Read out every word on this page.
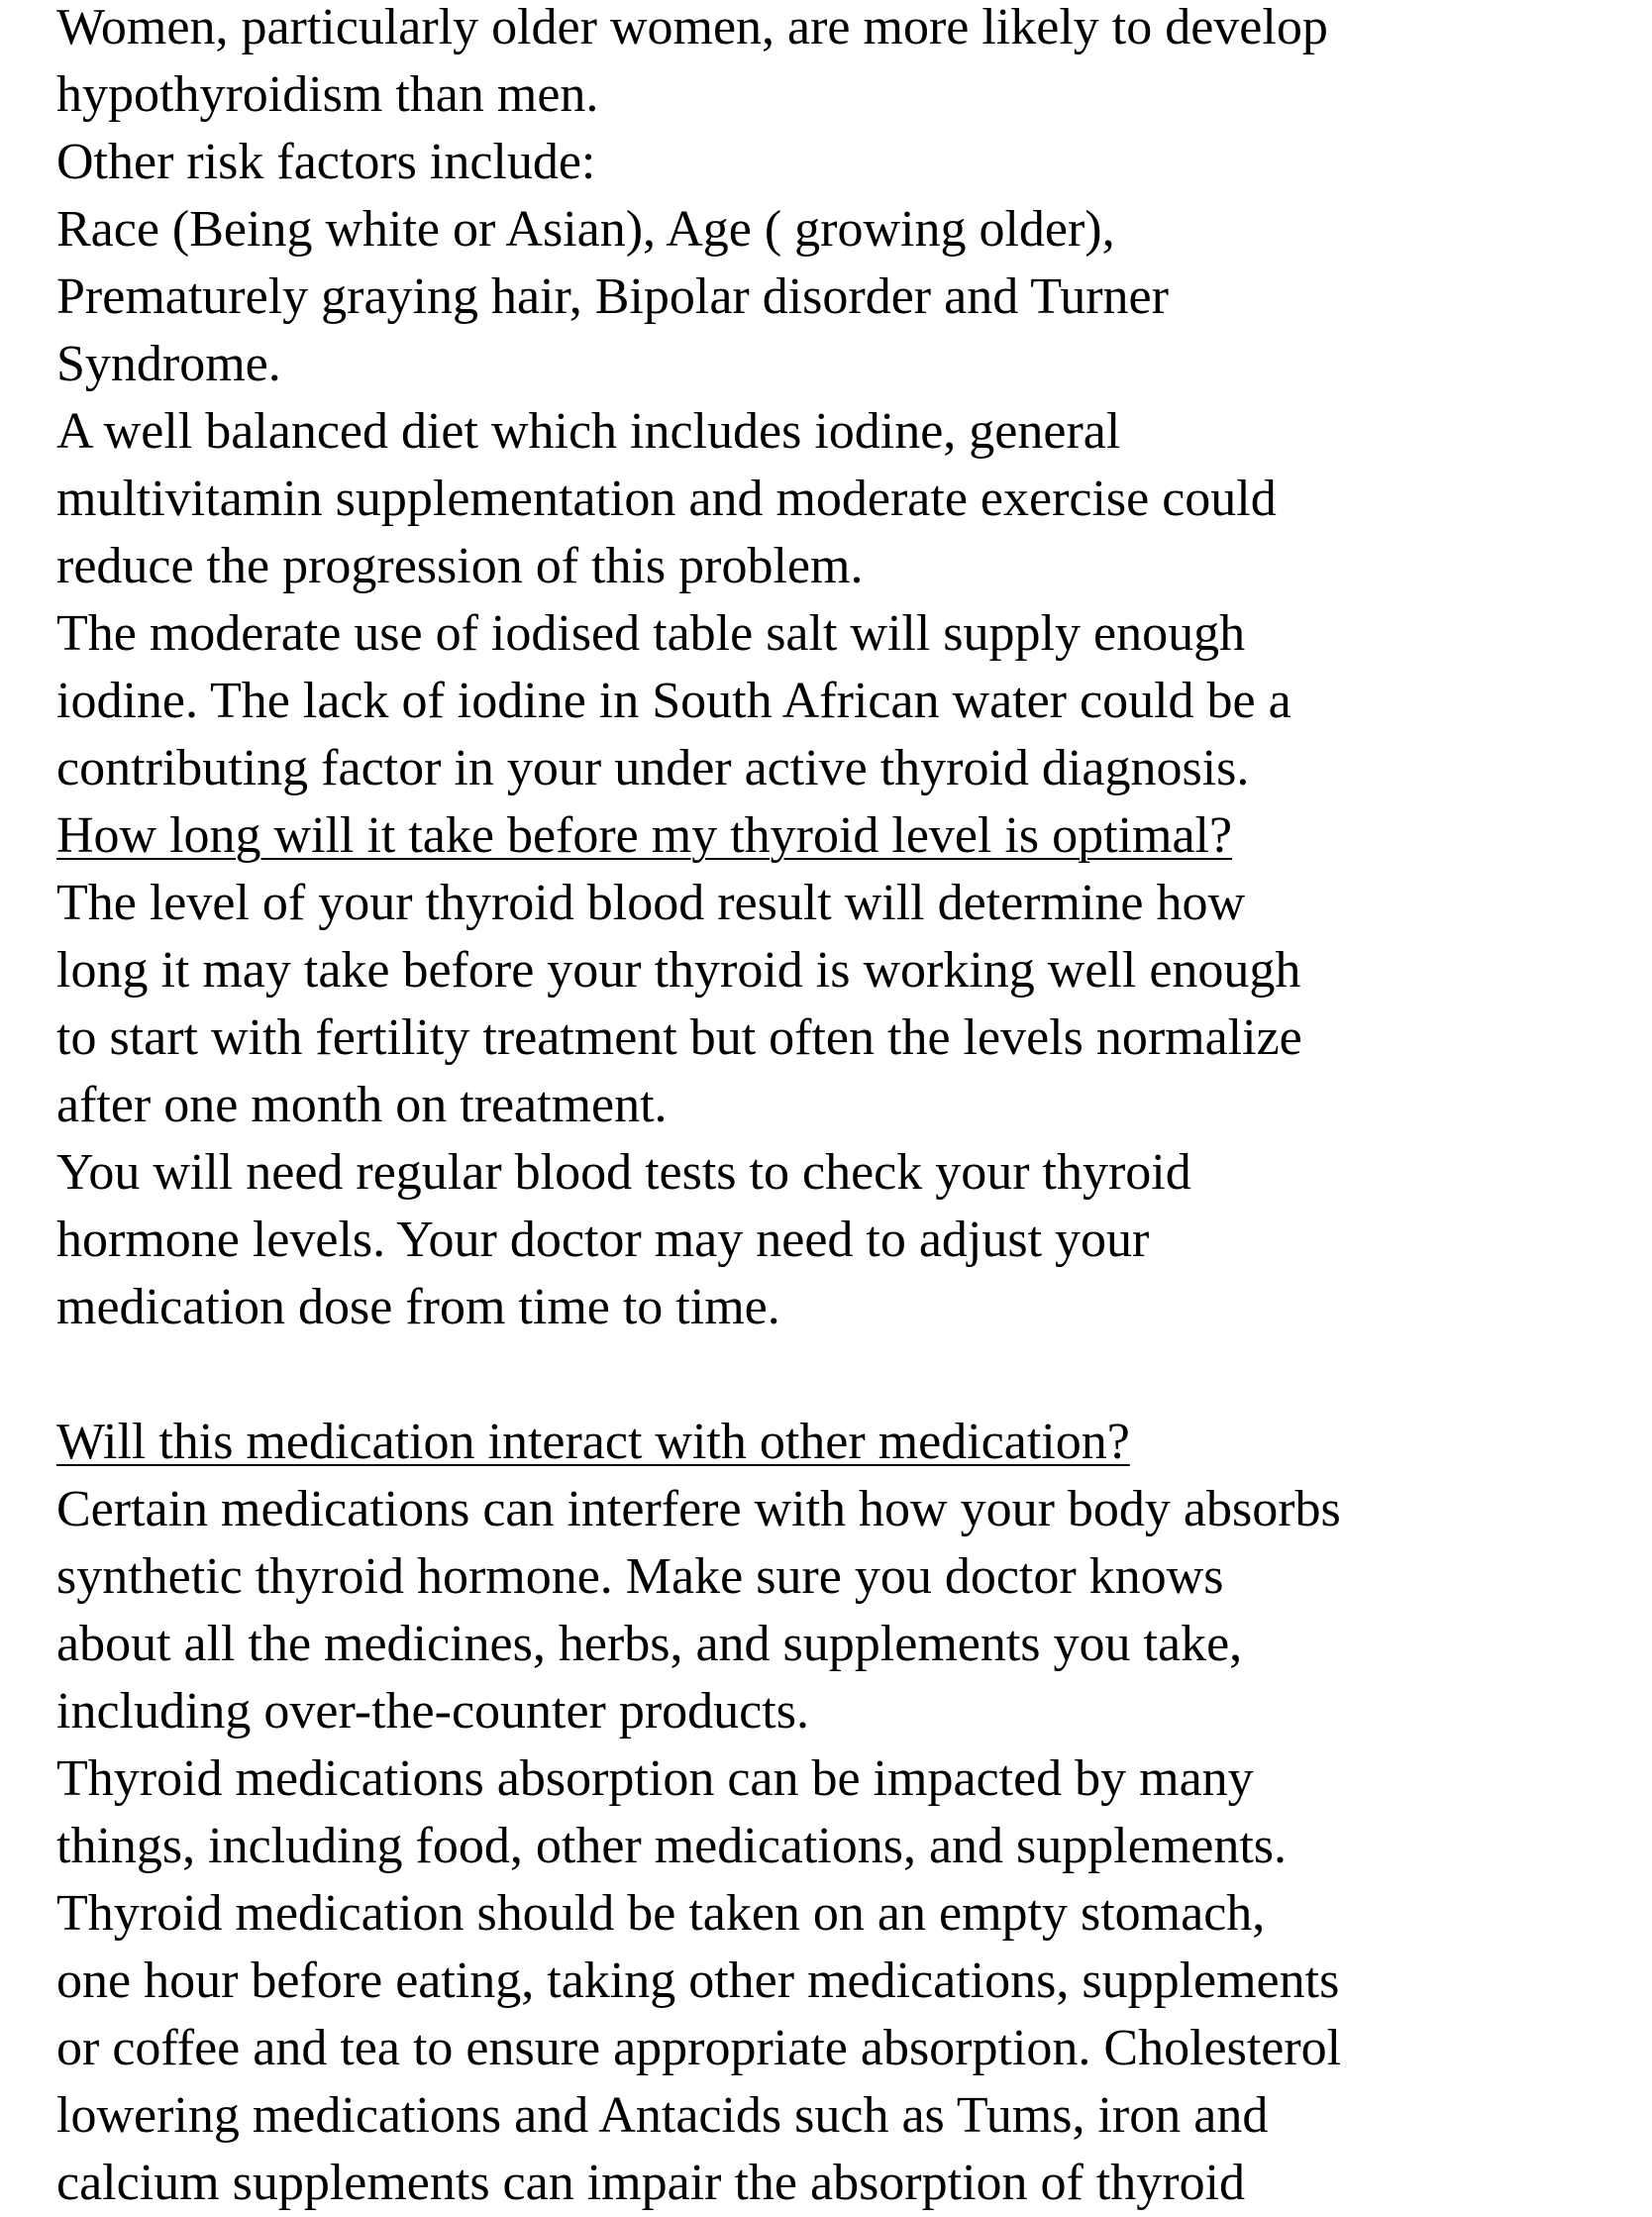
Women, particularly older women, are more likely to develop
hypothyroidism than men.
Other risk factors include:
Race (Being white or Asian), Age ( growing older),
Prematurely graying hair, Bipolar disorder and Turner
Syndrome.
A well balanced diet which includes iodine, general
multivitamin supplementation and moderate exercise could
reduce the progression of this problem.
The moderate use of iodised table salt will supply enough
iodine. The lack of iodine in South African water could be a
contributing factor in your under active thyroid diagnosis.
How long will it take before my thyroid level is optimal?
The level of your thyroid blood result will determine how
long it may take before your thyroid is working well enough
to start with fertility treatment but often the levels normalize
after one month on treatment.
You will need regular blood tests to check your thyroid
hormone levels. Your doctor may need to adjust your
medication dose from time to time.
Will this medication interact with other medication?
Certain medications can interfere with how your body absorbs
synthetic thyroid hormone. Make sure you doctor knows
about all the medicines, herbs, and supplements you take,
including over-the-counter products.
Thyroid medications absorption can be impacted by many
things, including food, other medications, and supplements.
Thyroid medication should be taken on an empty stomach,
one hour before eating, taking other medications, supplements
or coffee and tea to ensure appropriate absorption. Cholesterol
lowering medications and Antacids such as Tums, iron and
calcium supplements can impair the absorption of thyroid
